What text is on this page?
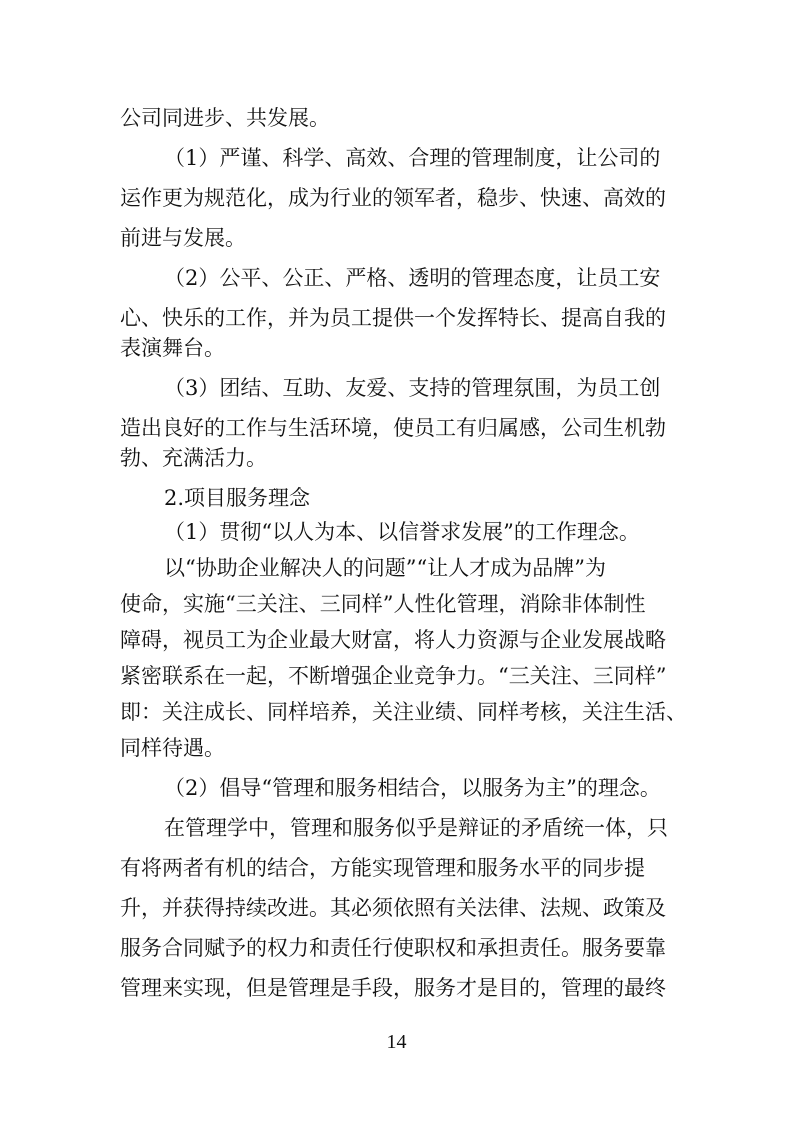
公司同进步、共发展。
（1）严谨、科学、高效、合理的管理制度，让公司的
运作更为规范化，成为行业的领军者，稳步、快速、高效的
前进与发展。
（2）公平、公正、严格、透明的管理态度，让员工安
心、快乐的工作，并为员工提供一个发挥特长、提高自我的
表演舞台。
（3）团结、互助、友爱、支持的管理氛围，为员工创
造出良好的工作与生活环境，使员工有归属感，公司生机勃
勃、充满活力。
2.项目服务理念
（1）贯彻“以人为本、以信誉求发展”的工作理念。
以“协助企业解决人的问题”“让人才成为品牌”为
使命，实施“三关注、三同样”人性化管理，消除非体制性
障碍，视员工为企业最大财富，将人力资源与企业发展战略
紧密联系在一起，不断增强企业竞争力。“三关注、三同样”
即：关注成长、同样培养，关注业绩、同样考核，关注生活、
同样待遇。
（2）倡导“管理和服务相结合，以服务为主”的理念。
在管理学中，管理和服务似乎是辩证的矛盾统一体，只
有将两者有机的结合，方能实现管理和服务水平的同步提
升，并获得持续改进。其必须依照有关法律、法规、政策及
服务合同赋予的权力和责任行使职权和承担责任。服务要靠
管理来实现，但是管理是手段，服务才是目的，管理的最终
14
